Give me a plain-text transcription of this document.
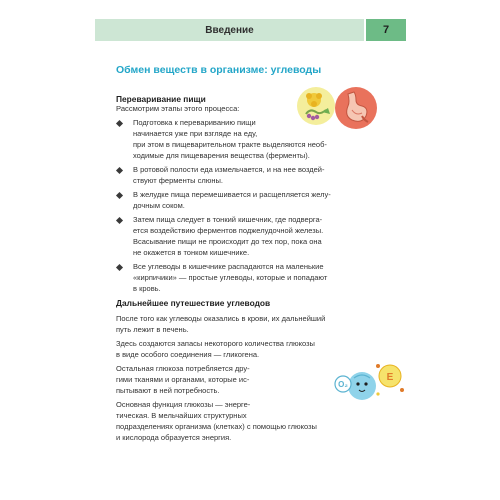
Введение	7
Обмен веществ в организме: углеводы
Переваривание пищи
Рассмотрим этапы этого процесса:
Подготовка к перевариванию пищи
начинается уже при взгляде на еду,
при этом в пищеварительном тракте выделяются необ-
ходимые для пищеварения вещества (ферменты).
В ротовой полости еда измельчается, и на нее воздей-
ствуют ферменты слюны.
В желудке пища перемешивается и расщепляется желу-
дочным соком.
Затем пища следует в тонкий кишечник, где подверга-
ется воздействию ферментов поджелудочной железы.
Всасывание пищи не происходит до тех пор, пока она
не окажется в тонком кишечнике.
Все углеводы в кишечнике распадаются на маленькие
«кирпичики» — простые углеводы, которые и попадают
в кровь.
Дальнейшее путешествие углеводов
После того как углеводы оказались в крови, их дальнейший
путь лежит в печень.
Здесь создаются запасы некоторого количества глюкозы
в виде особого соединения — гликогена.
Остальная глюкоза потребляется дру-
гими тканями и органами, которые ис-
пытывают в ней потребность.
Основная функция глюкозы — энерге-
тическая. В мельчайших структурных
подразделениях организма (клетках) с помощью глюкозы
и кислорода образуется энергия.
O₂
E
